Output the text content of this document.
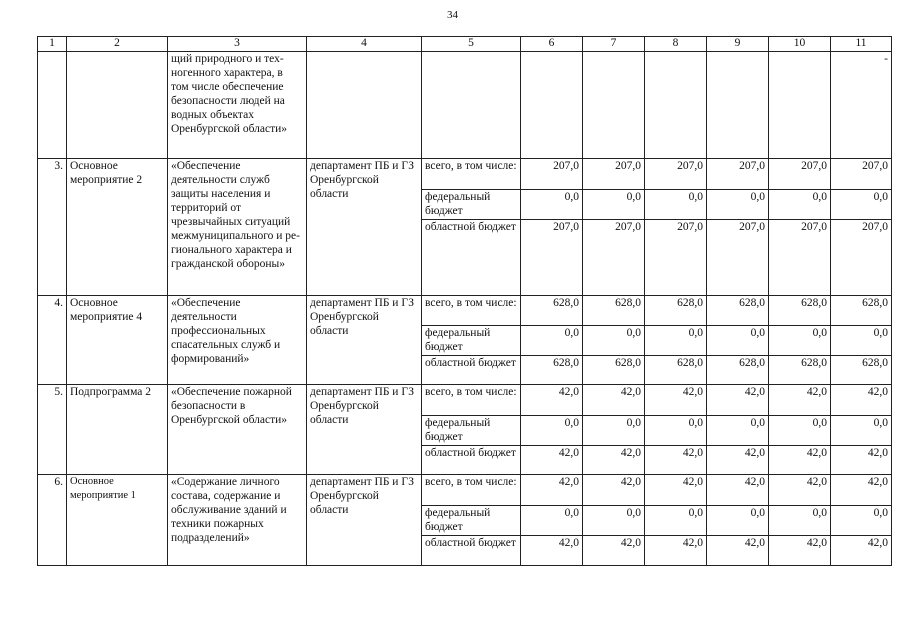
34
1	2	3	4	5	6	7	8	9	10	11
		щий природного и тех-ногенного характера, в том числе обеспечение безопасности людей на водных объектах Оренбургской области»								-

3.	Основное мероприятие 2	«Обеспечение деятельности служб защиты населения и территорий от чрезвычайных ситуаций межмуниципального и ре-гионального характера и гражданской обороны»	департамент ПБ и ГЗ Оренбургской области	всего, в том числе:	207,0	207,0	207,0	207,0	207,0	207,0
				федеральный бюджет	0,0	0,0	0,0	0,0	0,0	0,0
				областной бюджет	207,0	207,0	207,0	207,0	207,0	207,0
4.	Основное мероприятие 4	«Обеспечение деятельности профессиональных спасательных служб и формирований»	департамент ПБ и ГЗ Оренбургской области	всего, в том числе:	628,0	628,0	628,0	628,0	628,0	628,0
				федеральный бюджет	0,0	0,0	0,0	0,0	0,0	0,0
				областной бюджет	628,0	628,0	628,0	628,0	628,0	628,0
5.	Подпрограмма 2	«Обеспечение пожарной безопасности в Оренбургской области»	департамент ПБ и ГЗ Оренбургской области	всего, в том числе:	42,0	42,0	42,0	42,0	42,0	42,0
				федеральный бюджет	0,0	0,0	0,0	0,0	0,0	0,0
				областной бюджет	42,0	42,0	42,0	42,0	42,0	42,0
6.	Основное мероприятие 1	«Содержание личного состава, содержание и обслуживание зданий и техники пожарных подразделений»	департамент ПБ и ГЗ Оренбургской области	всего, в том числе:	42,0	42,0	42,0	42,0	42,0	42,0
				федеральный бюджет	0,0	0,0	0,0	0,0	0,0	0,0
				областной бюджет	42,0	42,0	42,0	42,0	42,0	42,0
